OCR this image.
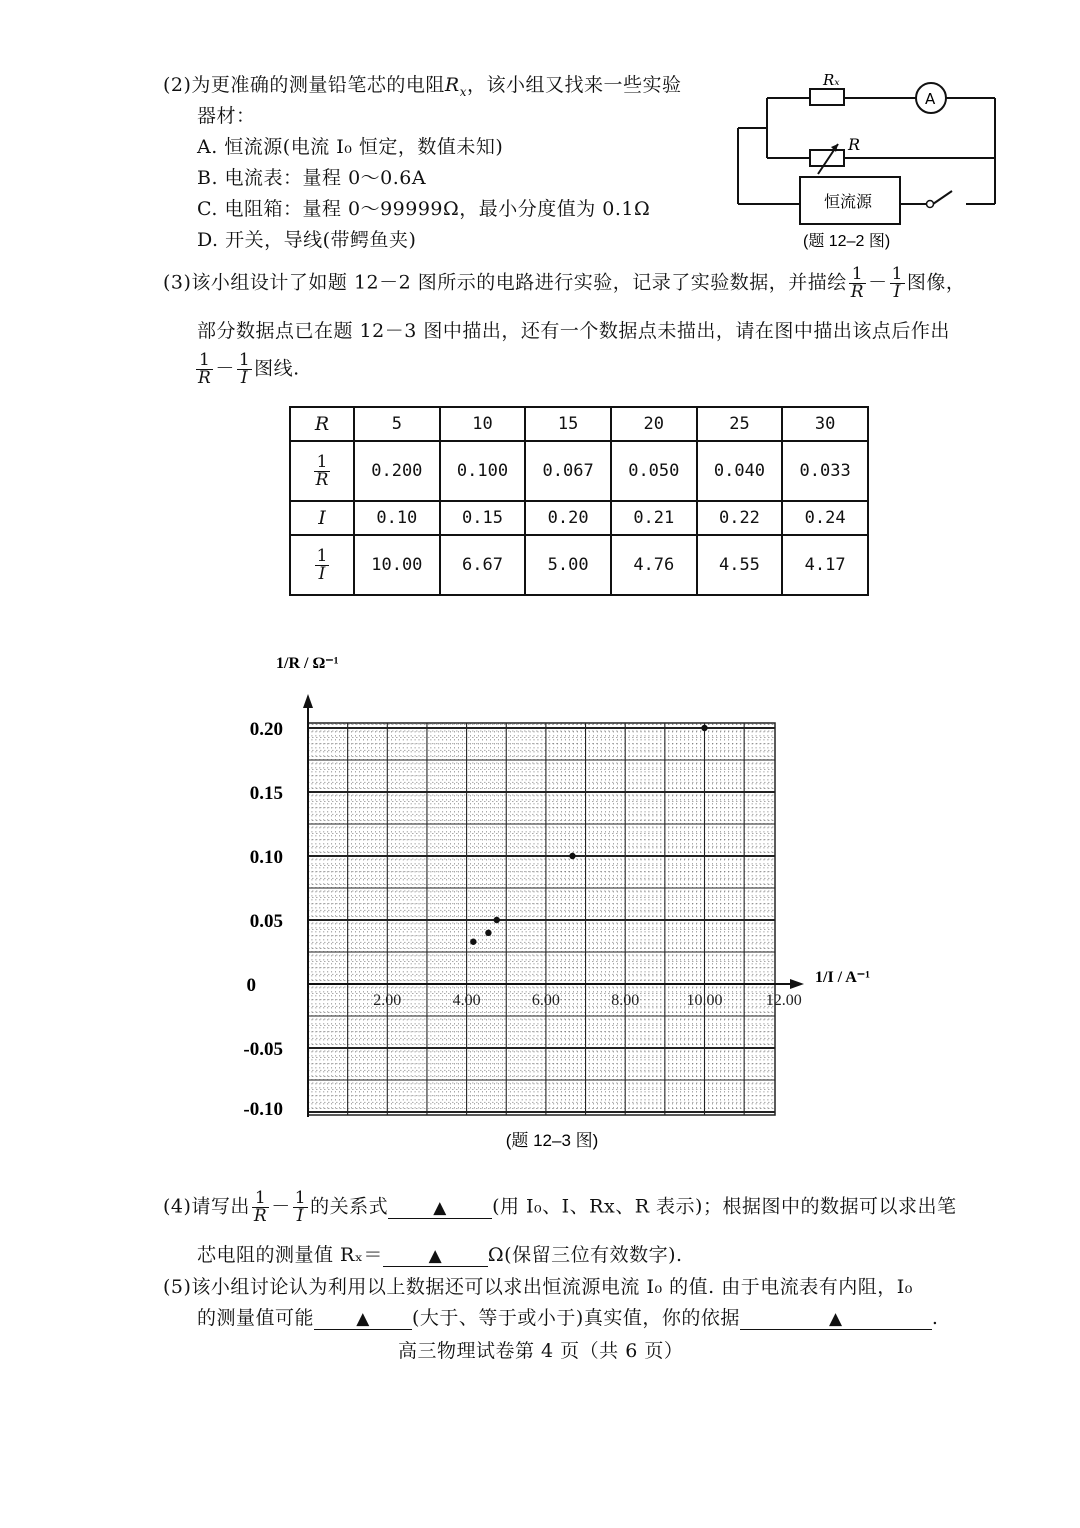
(2)为更准确的测量铅笔芯的电阻$R_x$，该小组又找来一些实验
器材：
A. 恒流源(电流 I₀ 恒定，数值未知)
B. 电流表：量程 0～0.6A
C. 电阻箱：量程 0～99999Ω，最小分度值为 0.1Ω
D. 开关，导线(带鳄鱼夹)
Rₓ
R
A
恒流源
(题 12–2 图)
(3)该小组设计了如题 12－2 图所示的电路进行实验，记录了实验数据，并描绘 $\frac{1}{R} - \frac{1}{I}$ 图像，
部分数据点已在题 12－3 图中描出，还有一个数据点未描出，请在图中描出该点后作出
$\frac{1}{R} - \frac{1}{I}$ 图线.
R	5	10	15	20	25	30

$\frac{1}{R}$	0.200	0.100	0.067	0.050	0.040	0.033
I	0.10	0.15	0.20	0.21	0.22	0.24

$\frac{1}{I}$	10.00	6.67	5.00	4.76	4.55	4.17
0.20
0.15
0.10
0.05
0
-0.05
-0.10
2.00	4.00	6.00	8.00	10.00	12.00
1/R / Ω⁻¹
1/I / A⁻¹
(题 12–3 图)
(4)请写出 $\frac{1}{R} - \frac{1}{I}$ 的关系式	▲ (用 I₀、I、Rx、R 表示)；根据图中的数据可以求出笔
芯电阻的测量值 Rₓ＝	▲ Ω(保留三位有效数字).
(5)该小组讨论认为利用以上数据还可以求出恒流源电流 I₀ 的值. 由于电流表有内阻，I₀
的测量值可能 ▲ (大于、等于或小于)真实值，你的依据	▲	.
高三物理试卷第 4 页（共 6 页）
